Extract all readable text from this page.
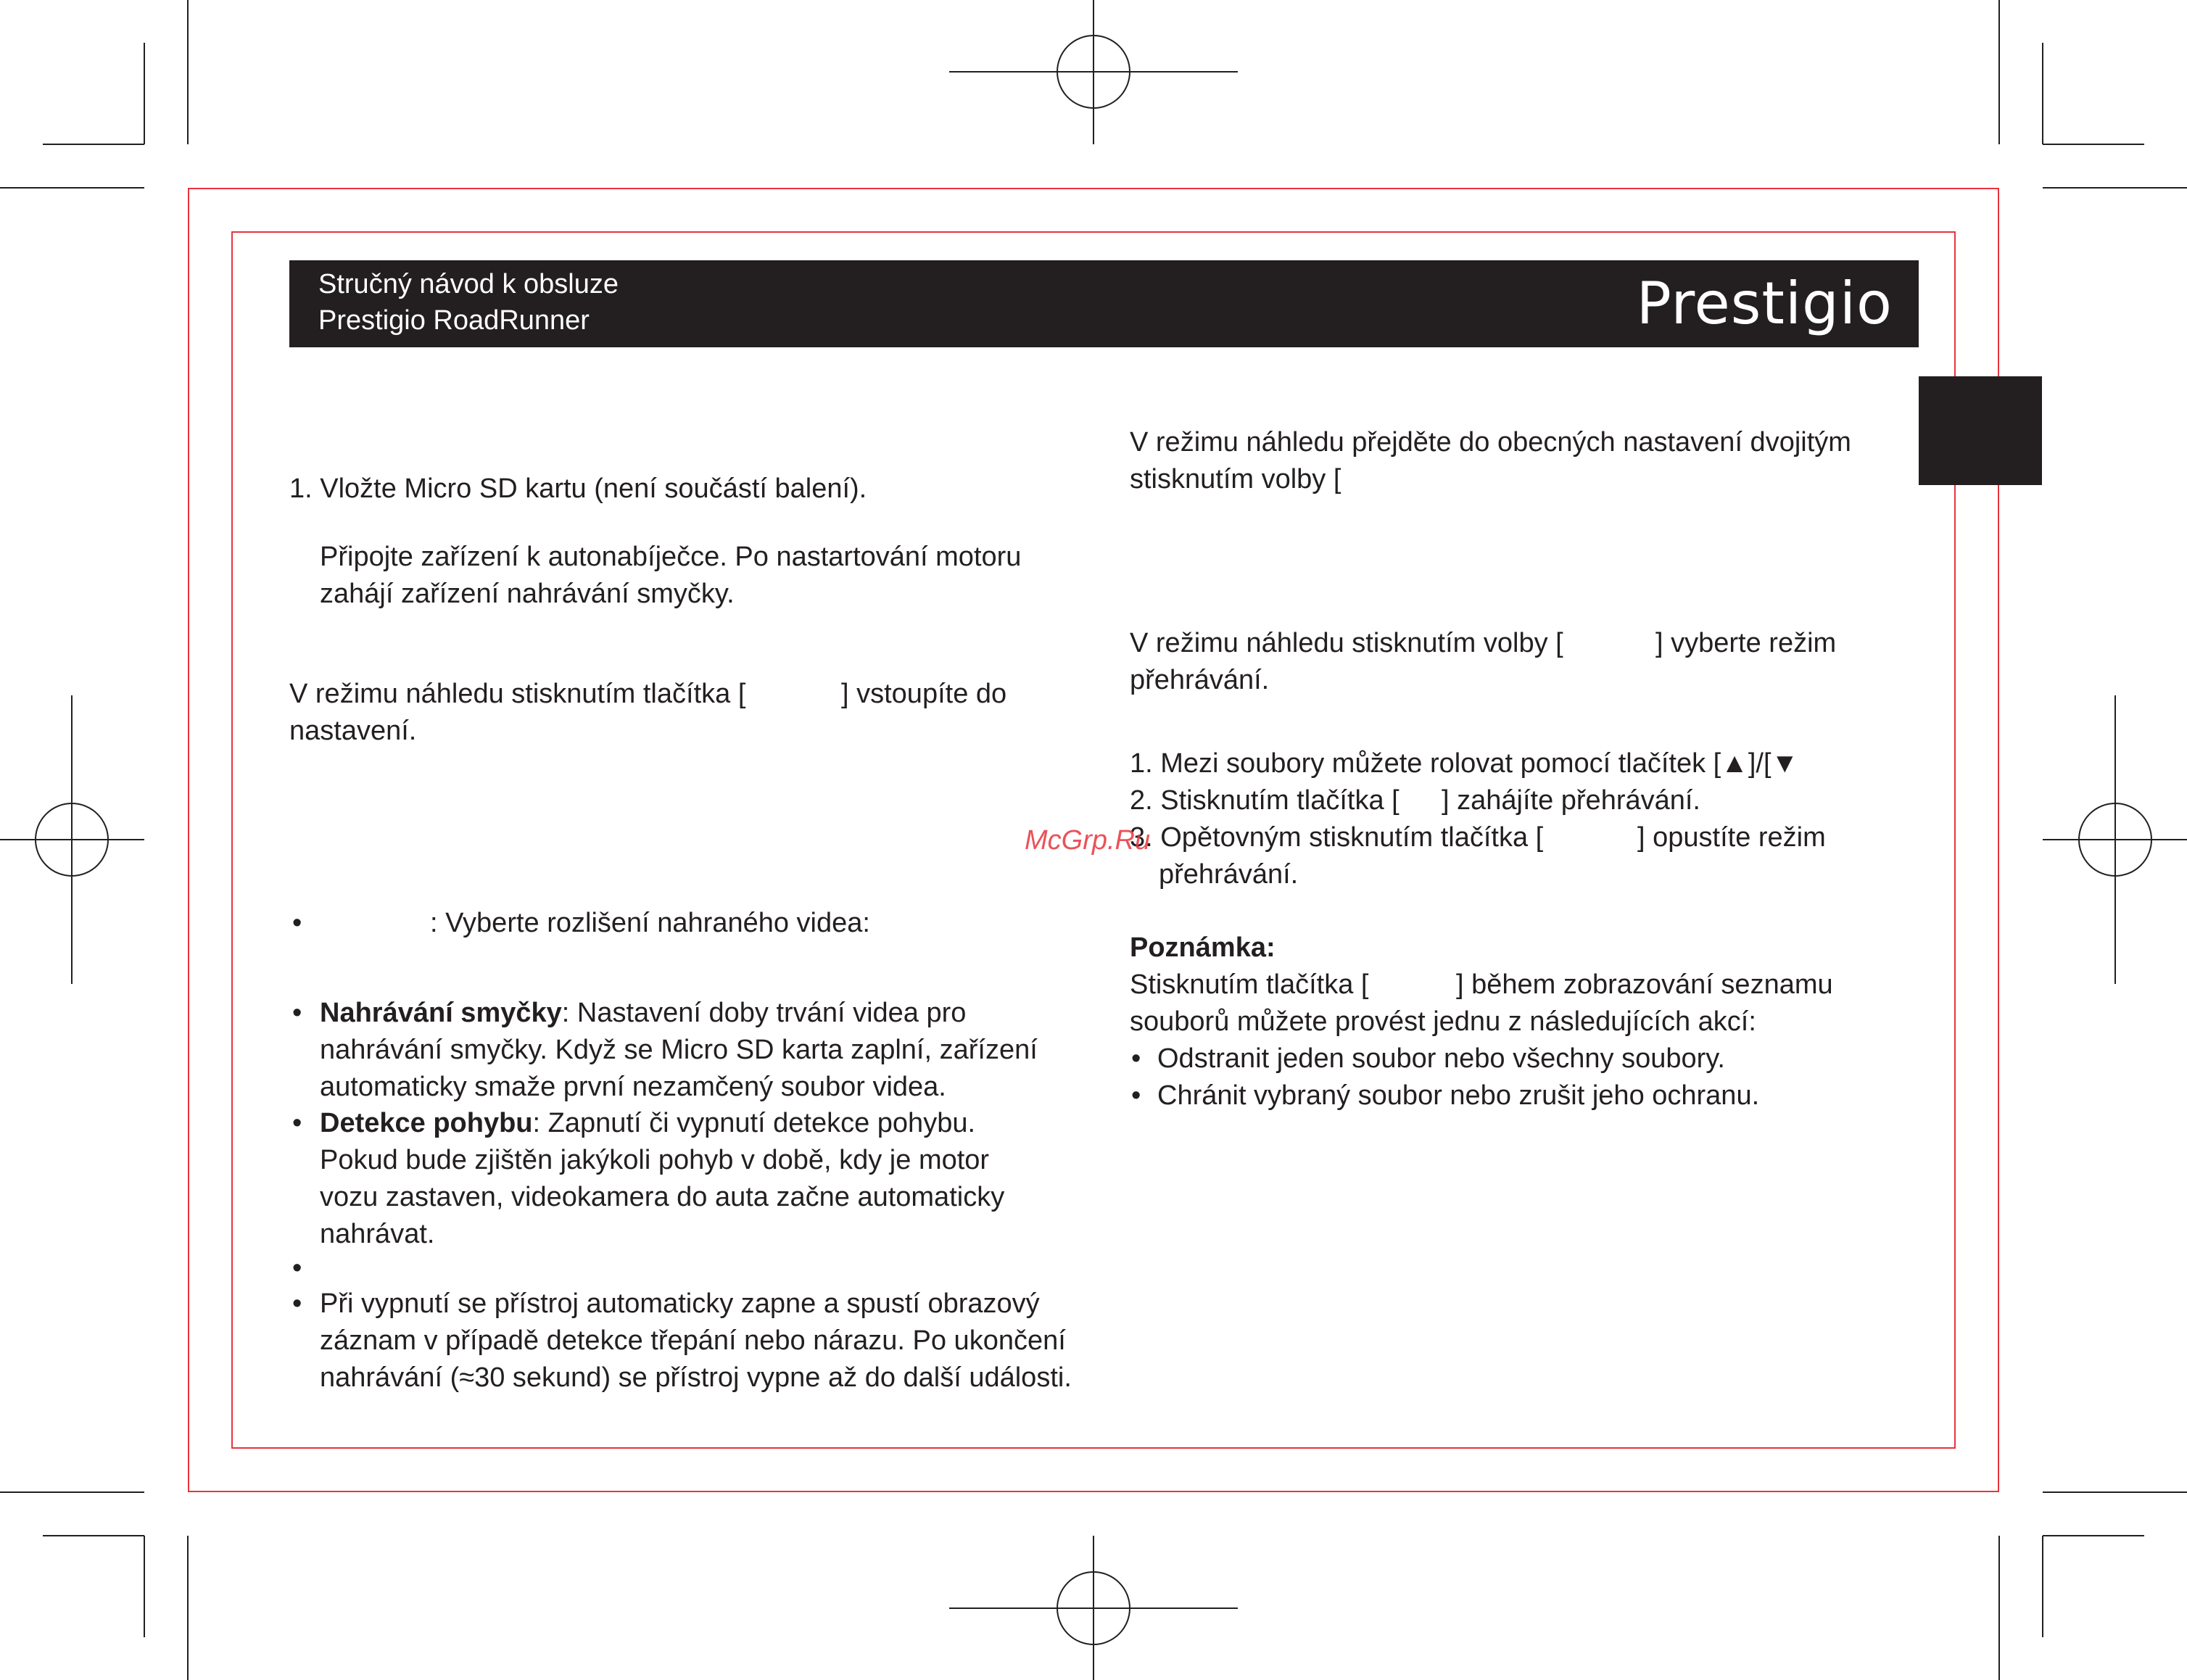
Stručný návod k obsluze
Prestigio RoadRunner	Prestigio
1. Vložte Micro SD kartu (není součástí balení).
Připojte zařízení k autonabíječce. Po nastartování motoru
zahájí zařízení nahrávání smyčky.
V režimu náhledu stisknutím tlačítka [	] vstoupíte do
nastavení.
•	: Vyberte rozlišení nahraného videa:
• Nahrávání smyčky: Nastavení doby trvání videa pro
nahrávání smyčky. Když se Micro SD karta zaplní, zařízení
automaticky smaže první nezamčený soubor videa.
• Detekce pohybu: Zapnutí či vypnutí detekce pohybu.
Pokud bude zjištěn jakýkoli pohyb v době, kdy je motor
vozu zastaven, videokamera do auta začne automaticky
nahrávat.
•
• Při vypnutí se přístroj automaticky zapne a spustí obrazový
záznam v případě detekce třepání nebo nárazu. Po ukončení
nahrávání (≈30 sekund) se přístroj vypne až do další události.
V režimu náhledu přejděte do obecných nastavení dvojitým
stisknutím volby [
V režimu náhledu stisknutím volby [	] vyberte režim
přehrávání.
1. Mezi soubory můžete rolovat pomocí tlačítek [▲]/[▼
2. Stisknutím tlačítka [ ] zahájíte přehrávání.
3. Opětovným stisknutím tlačítka [	] opustíte režim
přehrávání.
Poznámka:
Stisknutím tlačítka [	] během zobrazování seznamu
souborů můžete provést jednu z následujících akcí:
• Odstranit jeden soubor nebo všechny soubory.
• Chránit vybraný soubor nebo zrušit jeho ochranu.
McGrp.Ru
